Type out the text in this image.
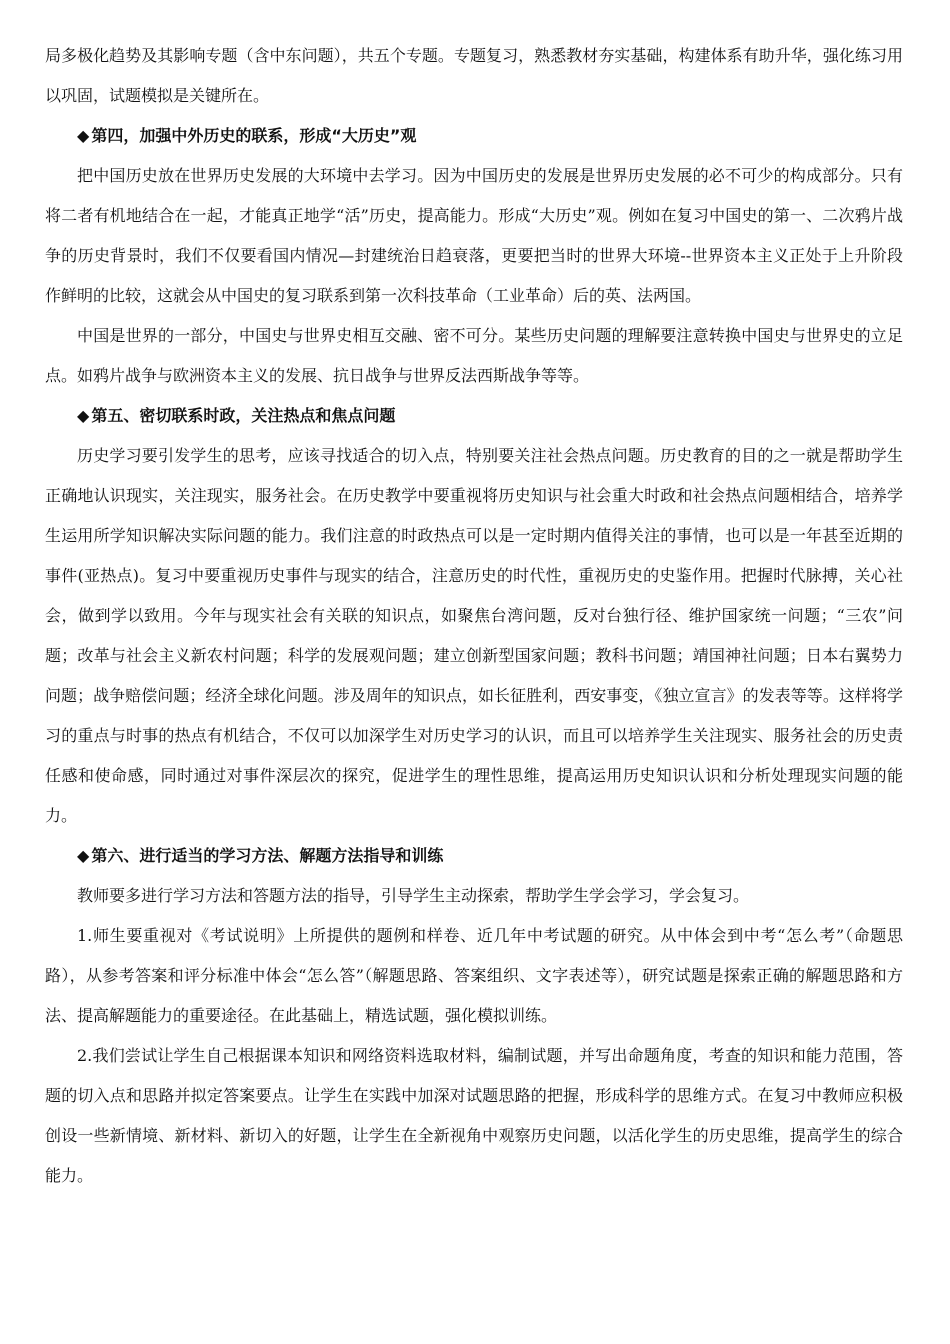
局多极化趋势及其影响专题（含中东问题），共五个专题。专题复习，熟悉教材夯实基础，构建体系有助升华，强化练习用以巩固，试题模拟是关键所在。

◆ 第四，加强中外历史的联系，形成“大历史”观

把中国历史放在世界历史发展的大环境中去学习。因为中国历史的发展是世界历史发展的必不可少的构成部分。只有将二者有机地结合在一起，才能真正地学“活”历史，提高能力。形成“大历史”观。例如在复习中国史的第一、二次鸦片战争的历史背景时，我们不仅要看国内情况—封建统治日趋衰落，更要把当时的世界大环境--世界资本主义正处于上升阶段作鲜明的比较，这就会从中国史的复习联系到第一次科技革命（工业革命）后的英、法两国。

中国是世界的一部分，中国史与世界史相互交融、密不可分。某些历史问题的理解要注意转换中国史与世界史的立足点。如鸦片战争与欧洲资本主义的发展、抗日战争与世界反法西斯战争等等。

◆ 第五、密切联系时政，关注热点和焦点问题

历史学习要引发学生的思考，应该寻找适合的切入点，特别要关注社会热点问题。历史教育的目的之一就是帮助学生正确地认识现实，关注现实，服务社会。在历史教学中要重视将历史知识与社会重大时政和社会热点问题相结合，培养学生运用所学知识解决实际问题的能力。我们注意的时政热点可以是一定时期内值得关注的事情，也可以是一年甚至近期的事件(亚热点)。复习中要重视历史事件与现实的结合，注意历史的时代性，重视历史的史鉴作用。把握时代脉搏，关心社会，做到学以致用。今年与现实社会有关联的知识点，如聚焦台湾问题，反对台独行径、维护国家统一问题；“三农”问题；改革与社会主义新农村问题；科学的发展观问题；建立创新型国家问题；教科书问题；靖国神社问题；日本右翼势力问题；战争赔偿问题；经济全球化问题。涉及周年的知识点，如长征胜利，西安事变，《独立宣言》的发表等等。这样将学习的重点与时事的热点有机结合，不仅可以加深学生对历史学习的认识，而且可以培养学生关注现实、服务社会的历史责任感和使命感，同时通过对事件深层次的探究，促进学生的理性思维，提高运用历史知识认识和分析处理现实问题的能力。

◆ 第六、进行适当的学习方法、解题方法指导和训练

教师要多进行学习方法和答题方法的指导，引导学生主动探索，帮助学生学会学习，学会复习。

1.师生要重视对《考试说明》上所提供的题例和样卷、近几年中考试题的研究。从中体会到中考“怎么考”（命题思路），从参考答案和评分标准中体会“怎么答”（解题思路、答案组织、文字表述等），研究试题是探索正确的解题思路和方法、提高解题能力的重要途径。在此基础上，精选试题，强化模拟训练。

2.我们尝试让学生自己根据课本知识和网络资料选取材料，编制试题，并写出命题角度，考查的知识和能力范围，答题的切入点和思路并拟定答案要点。让学生在实践中加深对试题思路的把握，形成科学的思维方式。在复习中教师应积极创设一些新情境、新材料、新切入的好题，让学生在全新视角中观察历史问题，以活化学生的历史思维，提高学生的综合能力。
